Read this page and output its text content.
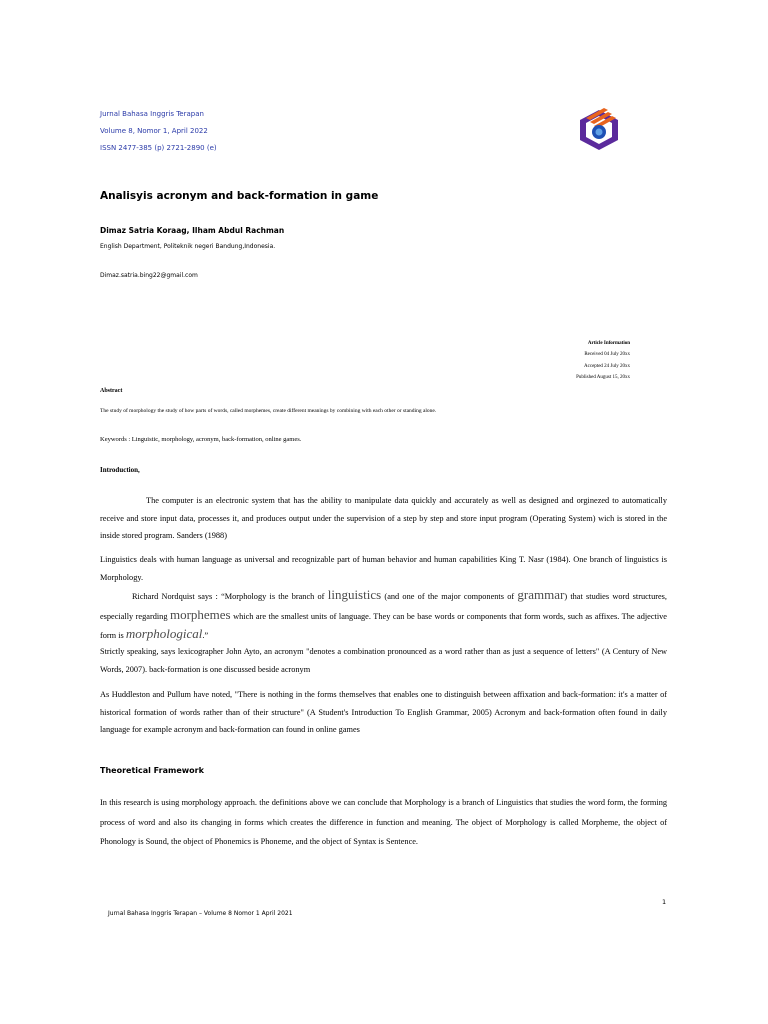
Jurnal Bahasa Inggris Terapan
Volume 8, Nomor 1, April 2022
ISSN 2477-385 (p) 2721-2890 (e)
Analisyis acronym and back-formation in game
Dimaz Satria Koraag, Ilham Abdul Rachman
English Department, Politeknik negeri Bandung,Indonesia.
Dimaz.satria.bing22@gmail.com
Article Information
Received 04 July 20xx
Accepted 24 July 20xx
Published August 15, 20xx
Abstract
The study of morphology the study of how parts of words, called morphemes, create different meanings by combining with each other or standing alone.
Keywords : Linguistic, morphology, acronym, back-formation, online games.
Introduction,
The computer is an electronic system that has the ability to manipulate data quickly and accurately as well as designed and orginezed to automatically receive and store input data, processes it, and produces output under the supervision of a step by step and store input program (Operating System) wich is stored in the inside stored program. Sanders (1988)
Linguistics deals with human language as universal and recognizable part of human behavior and human capabilities King T. Nasr (1984). One branch of linguistics is Morphology.
Richard Nordquist says : “Morphology is the branch of linguistics (and one of the major components of grammar) that studies word structures, especially regarding morphemes which are the smallest units of language. They can be base words or components that form words, such as affixes. The adjective form is morphological.”
Strictly speaking, says lexicographer John Ayto, an acronym "denotes a combination pronounced as a word rather than as just a sequence of letters" (A Century of New Words, 2007). back-formation is one discussed beside acronym
As Huddleston and Pullum have noted, "There is nothing in the forms themselves that enables one to distinguish between affixation and back-formation: it's a matter of historical formation of words rather than of their structure" (A Student's Introduction To English Grammar, 2005) Acronym and back-formation often found in daily language for example acronym and back-formation can found in online games
Theoretical Framework
In this research is using morphology approach. the definitions above we can conclude that Morphology is a branch of Linguistics that studies the word form, the forming process of word and also its changing in forms which creates the difference in function and meaning. The object of Morphology is called Morpheme, the object of Phonology is Sound, the object of Phonemics is Phoneme, and the object of Syntax is Sentence.
1
Jurnal Bahasa Inggris Terapan – Volume 8 Nomor 1 April 2021
